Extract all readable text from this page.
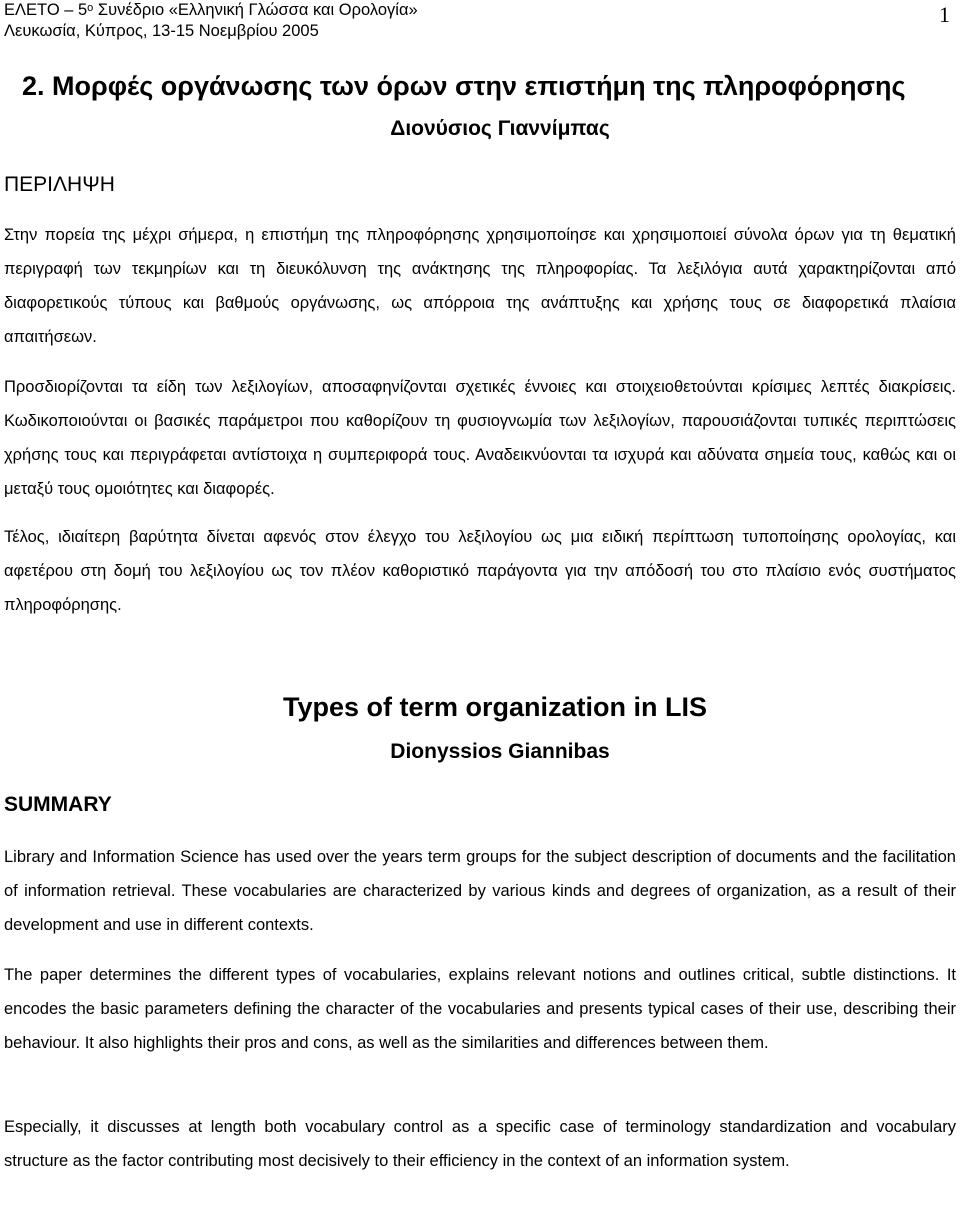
ΕΛΕΤΟ – $5^o$ Συνέδριο «Ελληνική Γλώσσα και Ορολογία»
Λευκωσία, Κύπρος, 13-15 Νοεμβρίου 2005
1
2. Μορφές οργάνωσης των όρων στην επιστήμη της πληροφόρησης
Διονύσιος Γιαννίμπας
ΠΕΡΙΛΗΨΗ
Στην πορεία της μέχρι σήμερα, η επιστήμη της πληροφόρησης χρησιμοποίησε και χρησιμοποιεί σύνολα όρων για τη θεματική περιγραφή των τεκμηρίων και τη διευκόλυνση της ανάκτησης της πληροφορίας. Τα λεξιλόγια αυτά χαρακτηρίζονται από διαφορετικούς τύπους και βαθμούς οργάνωσης, ως απόρροια της ανάπτυξης και χρήσης τους σε διαφορετικά πλαίσια απαιτήσεων.
Προσδιορίζονται τα είδη των λεξιλογίων, αποσαφηνίζονται σχετικές έννοιες και στοιχειοθετούνται κρίσιμες λεπτές διακρίσεις. Κωδικοποιούνται οι βασικές παράμετροι που καθορίζουν τη φυσιογνωμία των λεξιλογίων, παρουσιάζονται τυπικές περιπτώσεις χρήσης τους και περιγράφεται αντίστοιχα η συμπεριφορά τους. Αναδεικνύονται τα ισχυρά και αδύνατα σημεία τους, καθώς και οι μεταξύ τους ομοιότητες και διαφορές.
Τέλος, ιδιαίτερη βαρύτητα δίνεται αφενός στον έλεγχο του λεξιλογίου ως μια ειδική περίπτωση τυποποίησης ορολογίας, και αφετέρου στη δομή του λεξιλογίου ως τον πλέον καθοριστικό παράγοντα για την απόδοσή του στο πλαίσιο ενός συστήματος πληροφόρησης.
Types of term organization in LIS
Dionyssios Giannibas
SUMMARY
Library and Information Science has used over the years term groups for the subject description of documents and the facilitation of information retrieval. These vocabularies are characterized by various kinds and degrees of organization, as a result of their development and use in different contexts.
The paper determines the different types of vocabularies, explains relevant notions and outlines critical, subtle distinctions. It encodes the basic parameters defining the character of the vocabularies and presents typical cases of their use, describing their behaviour. It also highlights their pros and cons, as well as the similarities and differences between them.
Especially, it discusses at length both vocabulary control as a specific case of terminology standardization and vocabulary structure as the factor contributing most decisively to their efficiency in the context of an information system.
